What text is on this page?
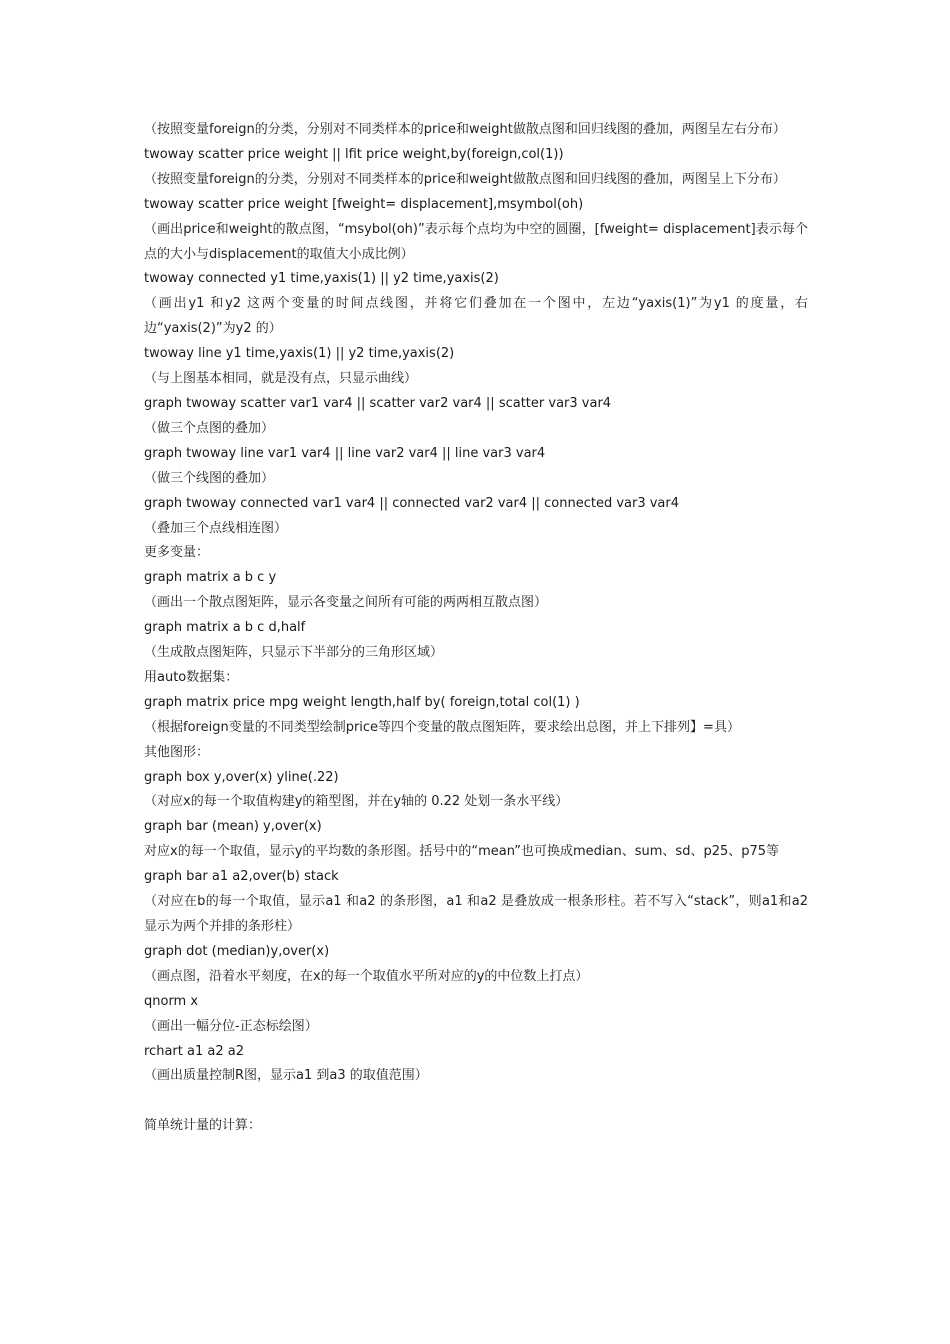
（按照变量foreign的分类，分别对不同类样本的price和weight做散点图和回归线图的叠加，两图呈左右分布）
twoway scatter price weight || lfit price weight,by(foreign,col(1))
（按照变量foreign的分类，分别对不同类样本的price和weight做散点图和回归线图的叠加，两图呈上下分布）
twoway scatter price weight [fweight= displacement],msymbol(oh)
（画出price和weight的散点图，“msybol(oh)”表示每个点均为中空的圆圈，[fweight= displacement]表示每个点的大小与displacement的取值大小成比例）
twoway connected y1 time,yaxis(1) || y2 time,yaxis(2)
（画出y1 和y2 这两个变量的时间点线图，并将它们叠加在一个图中，左边“yaxis(1)”为y1 的度量，右边“yaxis(2)”为y2 的）
twoway line y1 time,yaxis(1) || y2 time,yaxis(2)
（与上图基本相同，就是没有点，只显示曲线）
graph twoway scatter var1 var4 || scatter var2 var4 || scatter var3 var4
（做三个点图的叠加）
graph twoway line var1 var4 || line var2 var4 || line var3 var4
（做三个线图的叠加）
graph twoway connected var1 var4 || connected var2 var4 || connected var3 var4
（叠加三个点线相连图）
更多变量：
graph matrix a b c y
（画出一个散点图矩阵，显示各变量之间所有可能的两两相互散点图）
graph matrix a b c d,half
（生成散点图矩阵，只显示下半部分的三角形区域）
用auto数据集：
graph matrix price mpg weight length,half by( foreign,total col(1) )
（根据foreign变量的不同类型绘制price等四个变量的散点图矩阵，要求绘出总图，并上下排列】=具）
其他图形：
graph box y,over(x) yline(.22)
（对应x的每一个取值构建y的箱型图，并在y轴的 0.22 处划一条水平线）
graph bar (mean) y,over(x)
对应x的每一个取值，显示y的平均数的条形图。括号中的“mean”也可换成median、sum、sd、p25、p75等
graph bar a1 a2,over(b) stack
（对应在b的每一个取值，显示a1 和a2 的条形图，a1 和a2 是叠放成一根条形柱。若不写入“stack”，则a1和a2 显示为两个并排的条形柱）
graph dot (median)y,over(x)
（画点图，沿着水平刻度，在x的每一个取值水平所对应的y的中位数上打点）
qnorm x
（画出一幅分位-正态标绘图）
rchart a1 a2 a2
（画出质量控制R图，显示a1 到a3 的取值范围）
简单统计量的计算：
